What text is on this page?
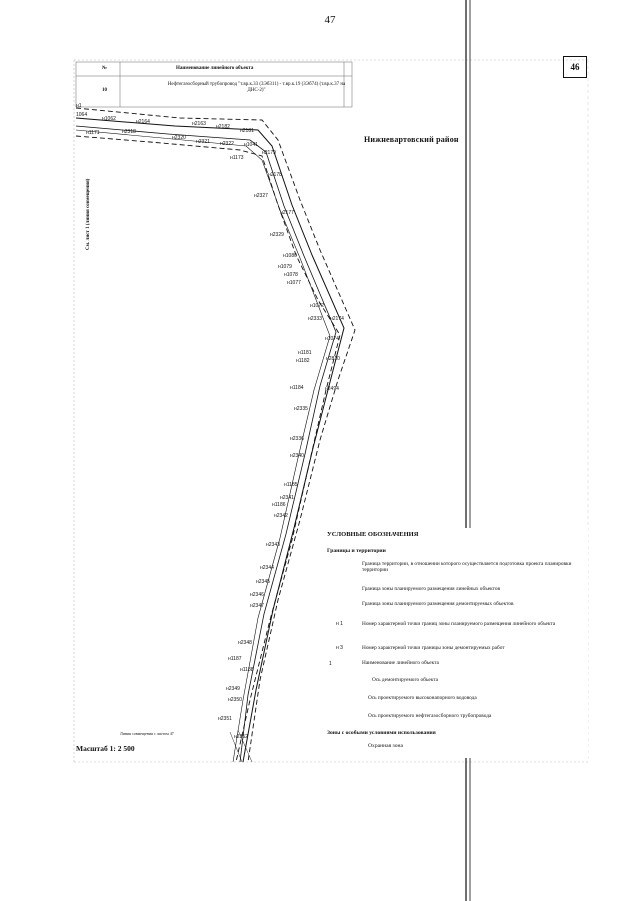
47
46
№	Наименование линейного объекта
10
Нефтегазосборный трубопровод "т.вр.к.33 (3Эб311) - т.вр.к.19 (ЗЭб74) (т.вр.к.37 на ДНС-2)"
Нижневартовский район
См. лист 1 (линия совмещения)
н1
1064
н1062	н2164	н2163 н2182
н2181
н1171	н2318
н2320
н2321 н2322 н1041
н2179
н1173
н2178
н2327
н2177
н2329
н1080
н1079
н1078
н1077
н1072
н2333 н2174
н1074
н1181
н1182	н2810
н1184	н2494
н2335
н2336
н2340
н1185
н2341
н1186
н2342
н2343
н2344
н2345
н2346
н2347
н2348
н1187
н1188
н2349
н2350
н2351
н2352
Линия совмещения с листом 47
Масштаб 1: 2 500
УСЛОВНЫЕ ОБОЗНАЧЕНИЯ
Границы и территории
Граница территории, в отношении которого осуществляется подготовка проекта планировки территории
Граница зоны планируемого размещения линейных объектов
Граница зоны планируемого размещения демонтируемых объектов
н 1	Номер характерной точки границ зоны планируемого размещения линейного объекта
н 3	Номер характерной точки границы зоны демонтируемых работ
1	Наименование линейного объекта
Ось демонтируемого объекта
Ось проектируемого высоконапорного водовода
Ось проектируемого нефтегазосборного трубопровода
Зоны с особыми условиями использования
Охранная зона
